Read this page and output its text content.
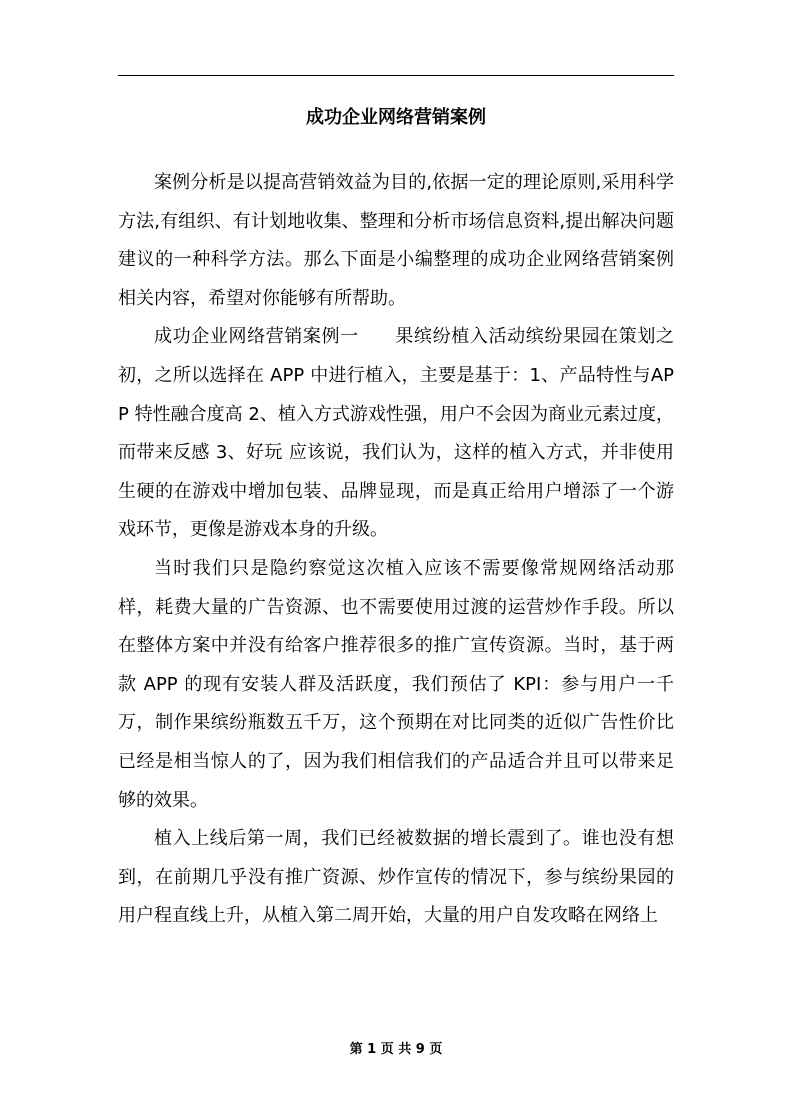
成功企业网络营销案例

案例分析是以提高营销效益为目的,依据一定的理论原则,采用科学方法,有组织、有计划地收集、整理和分析市场信息资料,提出解决问题建议的一种科学方法。那么下面是小编整理的成功企业网络营销案例相关内容，希望对你能够有所帮助。

成功企业网络营销案例一 果缤纷植入活动缤纷果园在策划之初，之所以选择在 APP 中进行植入，主要是基于：1、产品特性与APP 特性融合度高 2、植入方式游戏性强，用户不会因为商业元素过度，而带来反感 3、好玩 应该说，我们认为，这样的植入方式，并非使用生硬的在游戏中增加包装、品牌显现，而是真正给用户增添了一个游戏环节，更像是游戏本身的升级。

当时我们只是隐约察觉这次植入应该不需要像常规网络活动那样，耗费大量的广告资源、也不需要使用过渡的运营炒作手段。所以在整体方案中并没有给客户推荐很多的推广宣传资源。当时，基于两款 APP 的现有安装人群及活跃度，我们预估了 KPI：参与用户一千万，制作果缤纷瓶数五千万，这个预期在对比同类的近似广告性价比已经是相当惊人的了，因为我们相信我们的产品适合并且可以带来足够的效果。

植入上线后第一周，我们已经被数据的增长震到了。谁也没有想到，在前期几乎没有推广资源、炒作宣传的情况下，参与缤纷果园的用户程直线上升，从植入第二周开始，大量的用户自发攻略在网络上

第 1 页 共 9 页
